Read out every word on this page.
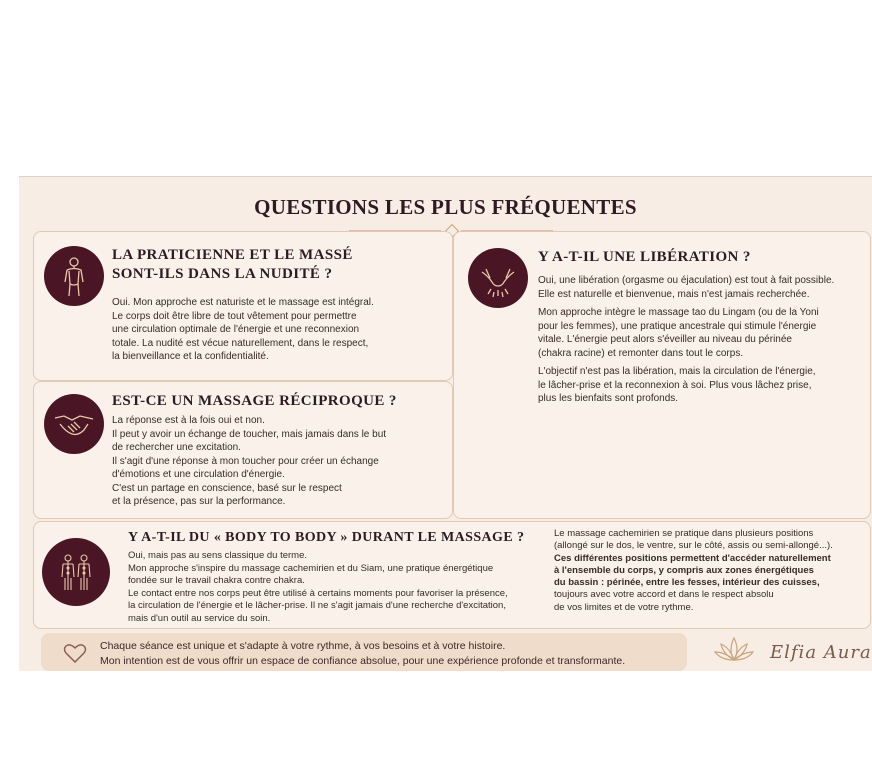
QUESTIONS LES PLUS FRÉQUENTES
LA PRATICIENNE ET LE MASSÉ
SONT-ILS DANS LA NUDITÉ ?
Oui. Mon approche est naturiste et le massage est intégral.
Le corps doit être libre de tout vêtement pour permettre
une circulation optimale de l'énergie et une reconnexion
totale. La nudité est vécue naturellement, dans le respect,
la bienveillance et la confidentialité.
Y A-T-IL UNE LIBÉRATION ?
Oui, une libération (orgasme ou éjaculation) est tout à fait possible.
Elle est naturelle et bienvenue, mais n'est jamais recherchée.
Mon approche intègre le massage tao du Lingam (ou de la Yoni
pour les femmes), une pratique ancestrale qui stimule l'énergie
vitale. L'énergie peut alors s'éveiller au niveau du périnée
(chakra racine) et remonter dans tout le corps.
L'objectif n'est pas la libération, mais la circulation de l'énergie,
le lâcher-prise et la reconnexion à soi. Plus vous lâchez prise,
plus les bienfaits sont profonds.
EST-CE UN MASSAGE RÉCIPROQUE ?
La réponse est à la fois oui et non.
Il peut y avoir un échange de toucher, mais jamais dans le but
de rechercher une excitation.
Il s'agit d'une réponse à mon toucher pour créer un échange
d'émotions et une circulation d'énergie.
C'est un partage en conscience, basé sur le respect
et la présence, pas sur la performance.
Y A-T-IL DU « BODY TO BODY » DURANT LE MASSAGE ?
Oui, mais pas au sens classique du terme.
Mon approche s'inspire du massage cachemirien et du Siam, une pratique énergétique
fondée sur le travail chakra contre chakra.
Le contact entre nos corps peut être utilisé à certains moments pour favoriser la présence,
la circulation de l'énergie et le lâcher-prise. Il ne s'agit jamais d'une recherche d'excitation,
mais d'un outil au service du soin.
Le massage cachemirien se pratique dans plusieurs positions
(allongé sur le dos, le ventre, sur le côté, assis ou semi-allongé...).
Ces différentes positions permettent d'accéder naturellement
à l'ensemble du corps, y compris aux zones énergétiques
du bassin : périnée, entre les fesses, intérieur des cuisses,
toujours avec votre accord et dans le respect absolu
de vos limites et de votre rythme.
Chaque séance est unique et s'adapte à votre rythme, à vos besoins et à votre histoire.
Mon intention est de vous offrir un espace de confiance absolue, pour une expérience profonde et transformante.	Elfia Aura
